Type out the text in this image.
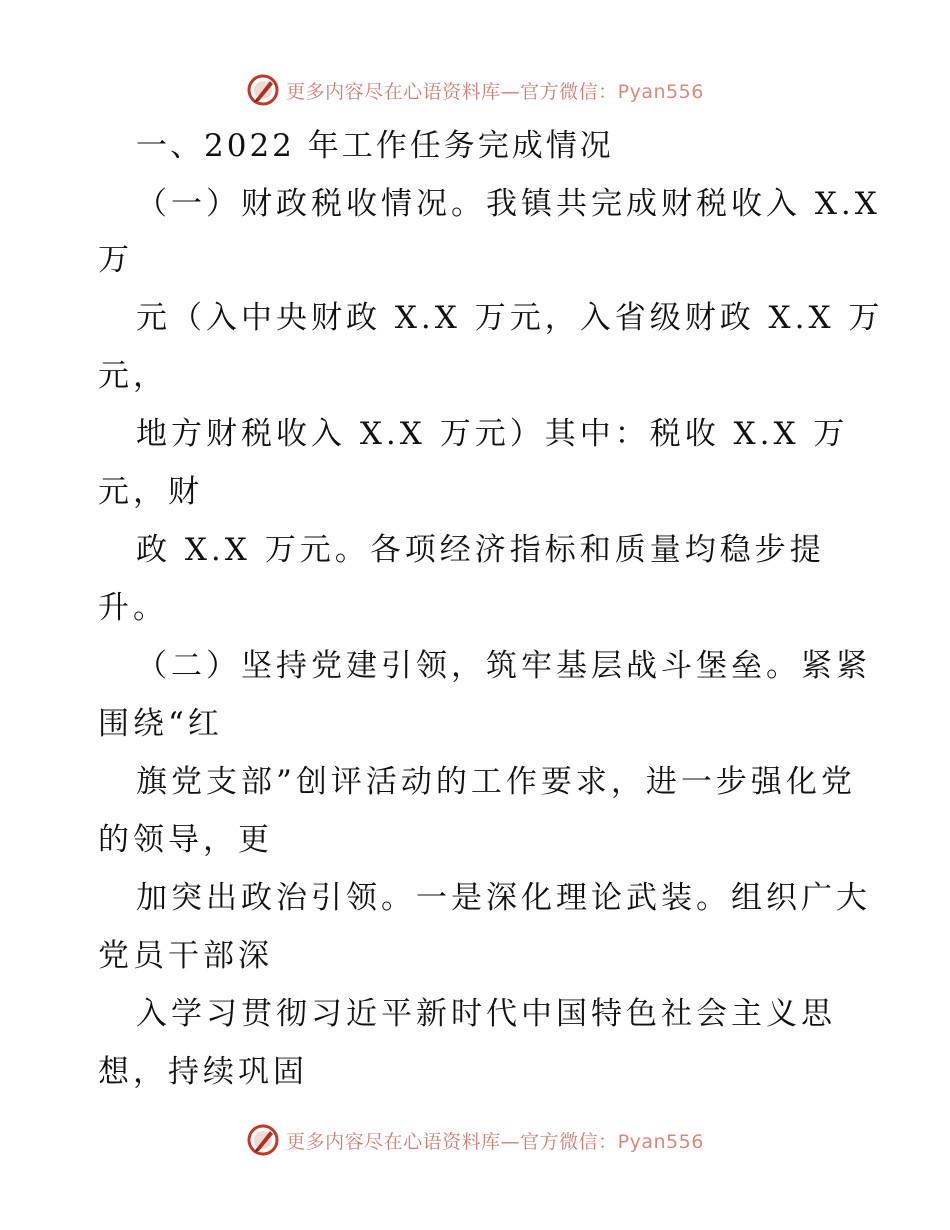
更多内容尽在心语资料库—官方微信：Pyan556
一、2022 年工作任务完成情况
（一）财政税收情况。我镇共完成财税收入 X.X
万
元（入中央财政 X.X 万元，入省级财政 X.X 万
元，
地方财税收入 X.X 万元）其中：税收 X.X 万
元，财
政 X.X 万元。各项经济指标和质量均稳步提
升。
（二）坚持党建引领，筑牢基层战斗堡垒。紧紧
围绕“红
旗党支部”创评活动的工作要求，进一步强化党
的领导，更
加突出政治引领。一是深化理论武装。组织广大
党员干部深
入学习贯彻习近平新时代中国特色社会主义思
想，持续巩固
更多内容尽在心语资料库—官方微信：Pyan556
